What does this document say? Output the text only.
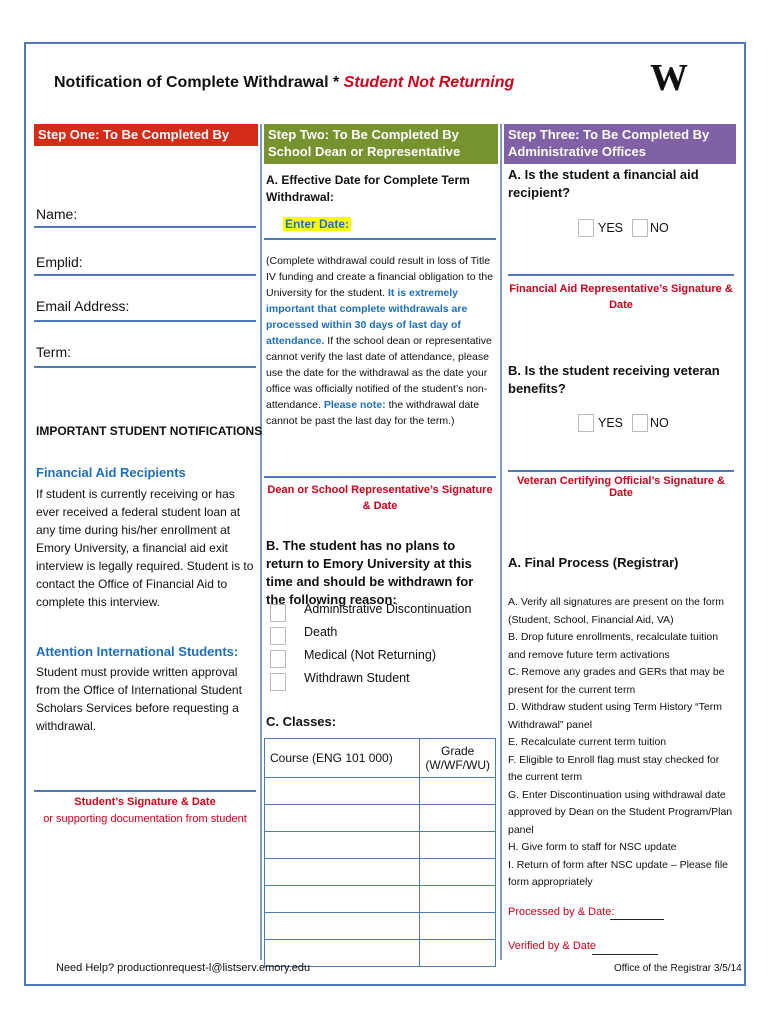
Notification of Complete Withdrawal * Student Not Returning	W
Step One: To Be Completed By Student
Step Two: To Be Completed By School Dean or Representative
Step Three: To Be Completed By Administrative Offices
Name:
Emplid:
Email Address:
Term:
IMPORTANT STUDENT NOTIFICATIONS
Financial Aid Recipients
If student is currently receiving or has ever received a federal student loan at any time during his/her enrollment at Emory University, a financial aid exit interview is legally required. Student is to contact the Office of Financial Aid to complete this interview.
Attention International Students:
Student must provide written approval from the Office of International Student Scholars Services before requesting a withdrawal.
Student’s Signature & Date
or supporting documentation from student
A. Effective Date for Complete Term Withdrawal:
Enter Date:
(Complete withdrawal could result in loss of Title IV funding and create a financial obligation to the University for the student. It is extremely important that complete withdrawals are processed within 30 days of last day of attendance. If the school dean or representative cannot verify the last date of attendance, please use the date for the withdrawal as the date your office was officially notified of the student’s non-attendance. Please note: the withdrawal date cannot be past the last day for the term.)
Dean or School Representative’s Signature & Date
B. The student has no plans to return to Emory University at this time and should be withdrawn for the following reason:
Administrative Discontinuation
Death
Medical (Not Returning)
Withdrawn Student
C. Classes:
Course (ENG 101 000)	Grade (W/WF/WU)

A. Is the student a financial aid recipient?
YES NO
Financial Aid Representative’s Signature & Date
B. Is the student receiving veteran benefits?
YES NO
Veteran Certifying Official’s Signature & Date
A. Final Process (Registrar)
A. Verify all signatures are present on the form (Student, School, Financial Aid, VA)
B. Drop future enrollments, recalculate tuition and remove future term activations
C. Remove any grades and GERs that may be present for the current term
D. Withdraw student using Term History “Term Withdrawal” panel
E. Recalculate current term tuition
F. Eligible to Enroll flag must stay checked for the current term
G. Enter Discontinuation using withdrawal date approved by Dean on the Student Program/Plan panel
H. Give form to staff for NSC update
I. Return of form after NSC update – Please file form appropriately
Processed by & Date:
Verified by & Date
Need Help? productionrequest-l@listserv.emory.edu	Office of the Registrar 3/5/14
